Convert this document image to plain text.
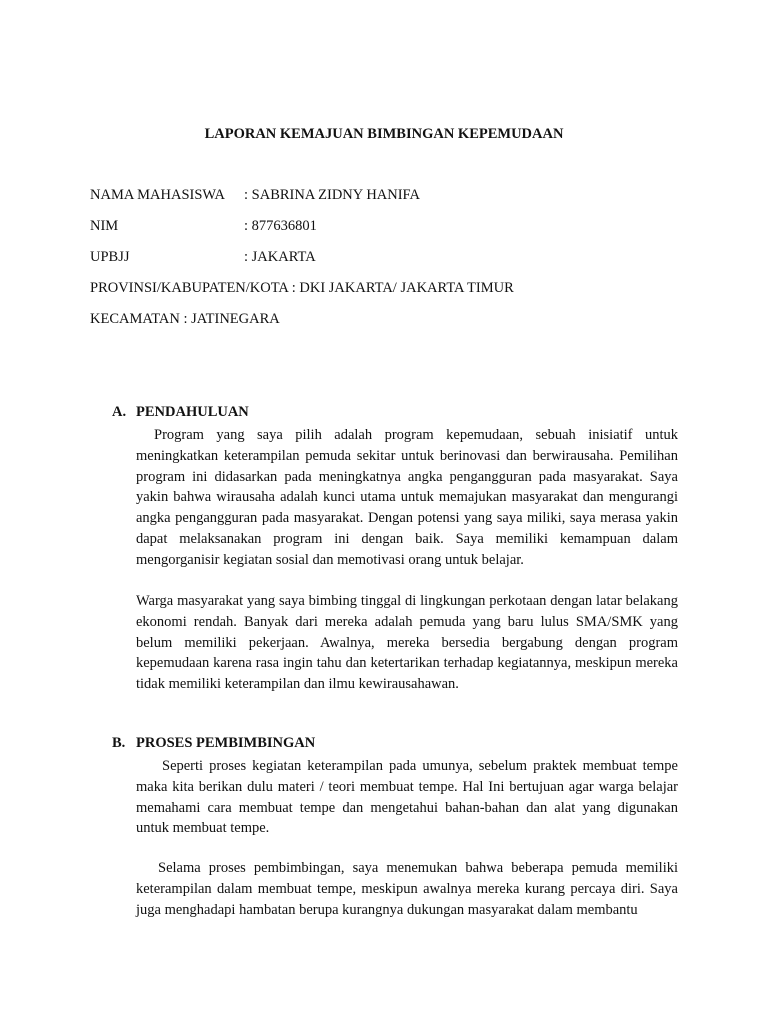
LAPORAN KEMAJUAN BIMBINGAN KEPEMUDAAN
NAMA MAHASISWA : SABRINA ZIDNY HANIFA
NIM	: 877636801
UPBJJ	: JAKARTA
PROVINSI/KABUPATEN/KOTA : DKI JAKARTA/ JAKARTA TIMUR
KECAMATAN : JATINEGARA
A. PENDAHULUAN

Program yang saya pilih adalah program kepemudaan, sebuah inisiatif untuk meningkatkan keterampilan pemuda sekitar untuk berinovasi dan berwirausaha. Pemilihan program ini didasarkan pada meningkatnya angka pengangguran pada masyarakat. Saya yakin bahwa wirausaha adalah kunci utama untuk memajukan masyarakat dan mengurangi angka pengangguran pada masyarakat. Dengan potensi yang saya miliki, saya merasa yakin dapat melaksanakan program ini dengan baik. Saya memiliki kemampuan dalam mengorganisir kegiatan sosial dan memotivasi orang untuk belajar.

Warga masyarakat yang saya bimbing tinggal di lingkungan perkotaan dengan latar belakang ekonomi rendah. Banyak dari mereka adalah pemuda yang baru lulus SMA/SMK yang belum memiliki pekerjaan. Awalnya, mereka bersedia bergabung dengan program kepemudaan karena rasa ingin tahu dan ketertarikan terhadap kegiatannya, meskipun mereka tidak memiliki keterampilan dan ilmu kewirausahawan.

B. PROSES PEMBIMBINGAN

Seperti proses kegiatan keterampilan pada umunya, sebelum praktek membuat tempe maka kita berikan dulu materi / teori membuat tempe. Hal Ini bertujuan agar warga belajar memahami cara membuat tempe dan mengetahui bahan-bahan dan alat yang digunakan untuk membuat tempe.

Selama proses pembimbingan, saya menemukan bahwa beberapa pemuda memiliki keterampilan dalam membuat tempe, meskipun awalnya mereka kurang percaya diri. Saya juga menghadapi hambatan berupa kurangnya dukungan masyarakat dalam membantu
